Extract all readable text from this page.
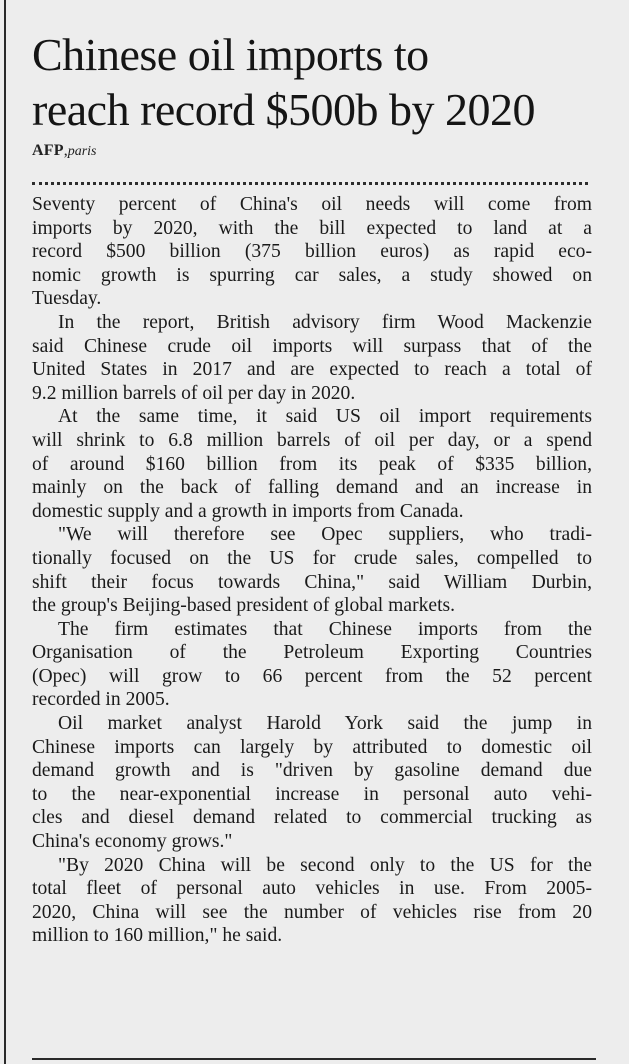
Chinese oil imports to
reach record $500b by 2020
AFP,paris

Seventy percent of China's oil needs will come from
imports by 2020, with the bill expected to land at a
record $500 billion (375 billion euros) as rapid eco-
nomic growth is spurring car sales, a study showed on
Tuesday.

In the report, British advisory firm Wood Mackenzie
said Chinese crude oil imports will surpass that of the
United States in 2017 and are expected to reach a total of
9.2 million barrels of oil per day in 2020.

At the same time, it said US oil import requirements
will shrink to 6.8 million barrels of oil per day, or a spend
of around $160 billion from its peak of $335 billion,
mainly on the back of falling demand and an increase in
domestic supply and a growth in imports from Canada.

"We will therefore see Opec suppliers, who tradi-
tionally focused on the US for crude sales, compelled to
shift their focus towards China," said William Durbin,
the group's Beijing-based president of global markets.

The firm estimates that Chinese imports from the
Organisation of the Petroleum Exporting Countries
(Opec) will grow to 66 percent from the 52 percent
recorded in 2005.

Oil market analyst Harold York said the jump in
Chinese imports can largely by attributed to domestic oil
demand growth and is "driven by gasoline demand due
to the near-exponential increase in personal auto vehi-
cles and diesel demand related to commercial trucking as
China's economy grows."

"By 2020 China will be second only to the US for the
total fleet of personal auto vehicles in use. From 2005-
2020, China will see the number of vehicles rise from 20
million to 160 million," he said.
